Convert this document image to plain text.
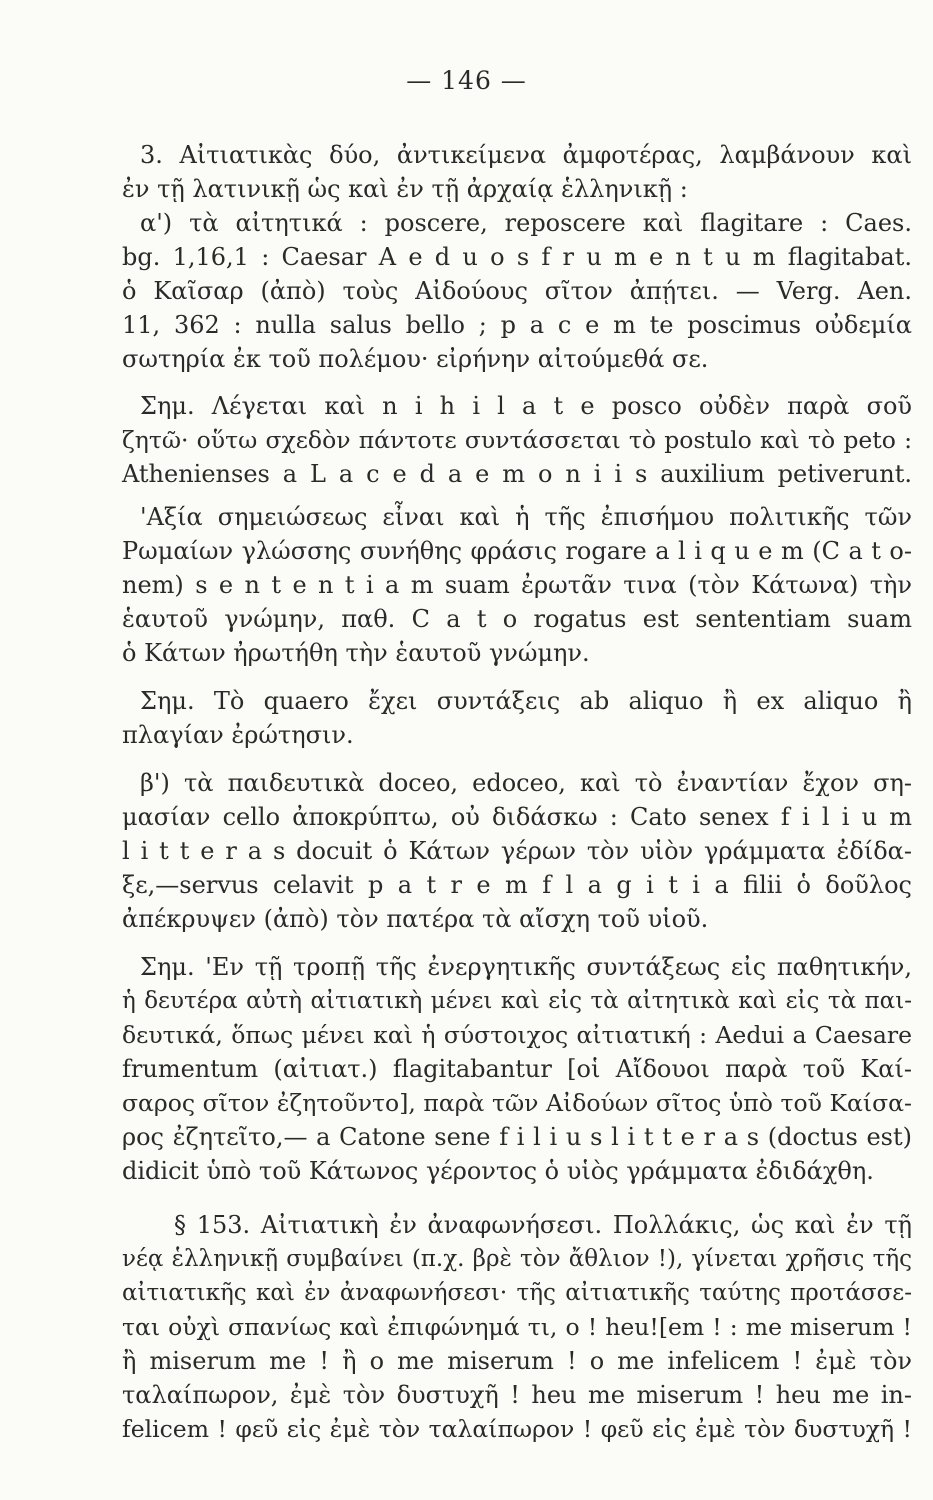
— 146 —
3. Αἰτιατικὰς δύο, ἀντικείμενα ἀμφοτέρας, λαμβάνουν καὶ
ἐν τῇ λατινικῇ ὡς καὶ ἐν τῇ ἀρχαίᾳ ἑλληνικῇ :
α') τὰ αἰτητικά : poscere, reposcere καὶ flagitare : Caes.
bg. 1,16,1 : Caesar A e d u o s f r u m e n t u m flagitabat.
ὁ Καῖσαρ (ἀπὸ) τοὺς Αἰδούους σῖτον ἀπῄτει. — Verg. Aen.
11, 362 : nulla salus bello ; p a c e m te poscimus οὐδεμία
σωτηρία ἐκ τοῦ πολέμου· εἰρήνην αἰτούμεθά σε.
Σημ. Λέγεται καὶ n i h i l a t e posco οὐδὲν παρὰ σοῦ
ζητῶ· οὕτω σχεδὸν πάντοτε συντάσσεται τὸ postulo καὶ τὸ peto :
Athenienses a L a c e d a e m o n i i s auxilium petiverunt.
'Αξία σημειώσεως εἶναι καὶ ἡ τῆς ἐπισήμου πολιτικῆς τῶν
Ρωμαίων γλώσσης συνήθης φράσις rogare a l i q u e m (C a t o-
nem) s e n t e n t i a m suam ἐρωτᾶν τινα (τὸν Κάτωνα) τὴν
ἑαυτοῦ γνώμην, παθ. C a t o rogatus est sententiam suam
ὁ Κάτων ἠρωτήθη τὴν ἑαυτοῦ γνώμην.
Σημ. Τὸ quaero ἔχει συντάξεις ab aliquo ἢ ex aliquo ἢ
πλαγίαν ἐρώτησιν.
β') τὰ παιδευτικὰ doceo, edoceo, καὶ τὸ ἐναντίαν ἔχον ση-
μασίαν cello ἀποκρύπτω, οὐ διδάσκω : Cato senex f i l i u m
l i t t e r a s docuit ὁ Κάτων γέρων τὸν υἱὸν γράμματα ἐδίδα-
ξε,—servus celavit p a t r e m f l a g i t i a filii ὁ δοῦλος
ἀπέκρυψεν (ἀπὸ) τὸν πατέρα τὰ αἴσχη τοῦ υἱοῦ.
Σημ. 'Εν τῇ τροπῇ τῆς ἐνεργητικῆς συντάξεως εἰς παθητικήν,
ἡ δευτέρα αὐτὴ αἰτιατικὴ μένει καὶ εἰς τὰ αἰτητικὰ καὶ εἰς τὰ παι-
δευτικά, ὅπως μένει καὶ ἡ σύστοιχος αἰτιατική : Aedui a Caesare
frumentum (αἰτιατ.) flagitabantur [οἱ Αἴδουοι παρὰ τοῦ Καί-
σαρος σῖτον ἐζητοῦντο], παρὰ τῶν Αἰδούων σῖτος ὑπὸ τοῦ Καίσα-
ρος ἐζητεῖτο,— a Catone sene f i l i u s l i t t e r a s (doctus est)
didicit ὑπὸ τοῦ Κάτωνος γέροντος ὁ υἱὸς γράμματα ἐδιδάχθη.
§ 153. Αἰτιατικὴ ἐν ἀναφωνήσεσι. Πολλάκις, ὡς καὶ ἐν τῇ
νέᾳ ἑλληνικῇ συμβαίνει (π.χ. βρὲ τὸν ἄθλιον !), γίνεται χρῆσις τῆς
αἰτιατικῆς καὶ ἐν ἀναφωνήσεσι· τῆς αἰτιατικῆς ταύτης προτάσσε-
ται οὐχὶ σπανίως καὶ ἐπιφώνημά τι, o ! heu![em ! : me miserum !
ἢ miserum me ! ἢ o me miserum ! o me infelicem ! ἐμὲ τὸν
ταλαίπωρον, ἐμὲ τὸν δυστυχῆ ! heu me miserum ! heu me in-
felicem ! φεῦ εἰς ἐμὲ τὸν ταλαίπωρον ! φεῦ εἰς ἐμὲ τὸν δυστυχῆ !
